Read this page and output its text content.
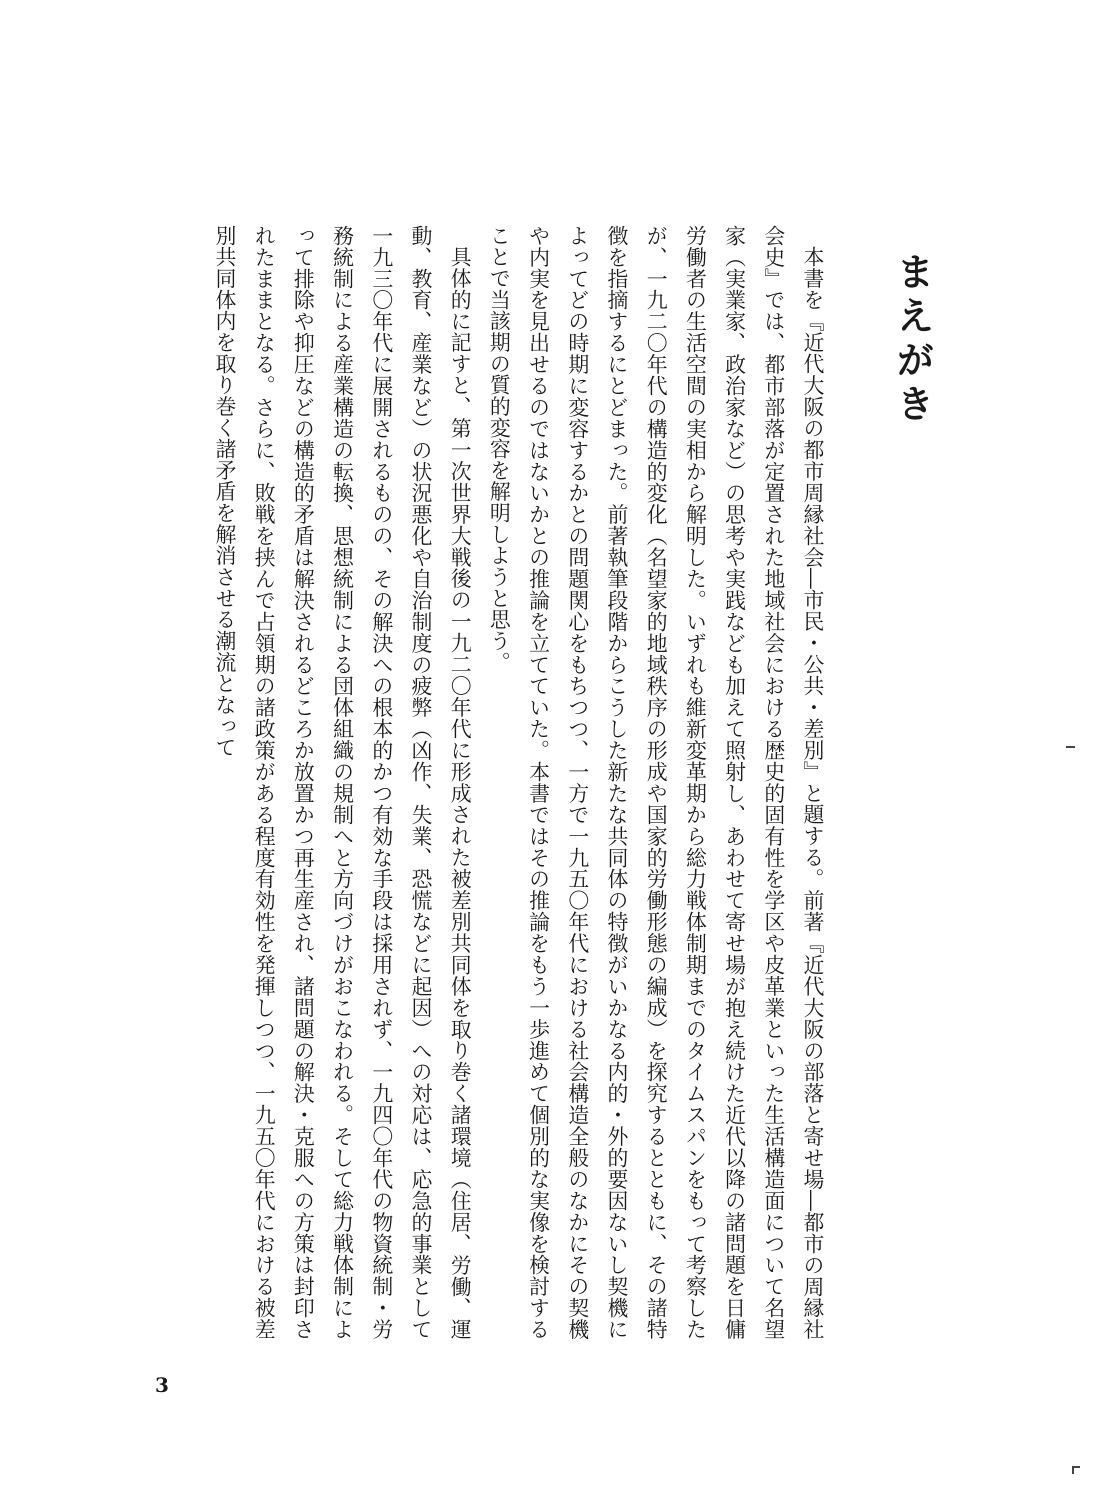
まえがき

本書を『近代大阪の都市周縁社会―市民・公共・差別』と題する。前著『近代大阪の部落と寄せ場―都市の周縁社会史』では、都市部落が定置された地域社会における歴史的固有性を学区や皮革業といった生活構造面について名望家（実業家、政治家など）の思考や実践なども加えて照射し、あわせて寄せ場が抱え続けた近代以降の諸問題を日傭労働者の生活空間の実相から解明した。いずれも維新変革期から総力戦体制期までのタイムスパンをもって考察したが、一九二〇年代の構造的変化（名望家的地域秩序の形成や国家的労働形態の編成）を探究するとともに、その諸特徴を指摘するにとどまった。前著執筆段階からこうした新たな共同体の特徴がいかなる内的・外的要因ないし契機によってどの時期に変容するかとの問題関心をもちつつ、一方で一九五〇年代における社会構造全般のなかにその契機や内実を見出せるのではないかとの推論を立てていた。本書ではその推論をもう一歩進めて個別的な実像を検討することで当該期の質的変容を解明しようと思う。

具体的に記すと、第一次世界大戦後の一九二〇年代に形成された被差別共同体を取り巻く諸環境（住居、労働、運動、教育、産業など）の状況悪化や自治制度の疲弊（凶作、失業、恐慌などに起因）への対応は、応急的事業として一九三〇年代に展開されるものの、その解決への根本的かつ有効な手段は採用されず、一九四〇年代の物資統制・労務統制による産業構造の転換、思想統制による団体組織の規制へと方向づけがおこなわれる。そして総力戦体制によって排除や抑圧などの構造的矛盾は解決されるどころか放置かつ再生産され、諸問題の解決・克服への方策は封印されたままとなる。さらに、敗戦を挟んで占領期の諸政策がある程度有効性を発揮しつつ、一九五〇年代における被差別共同体内を取り巻く諸矛盾を解消させる潮流となって

3
